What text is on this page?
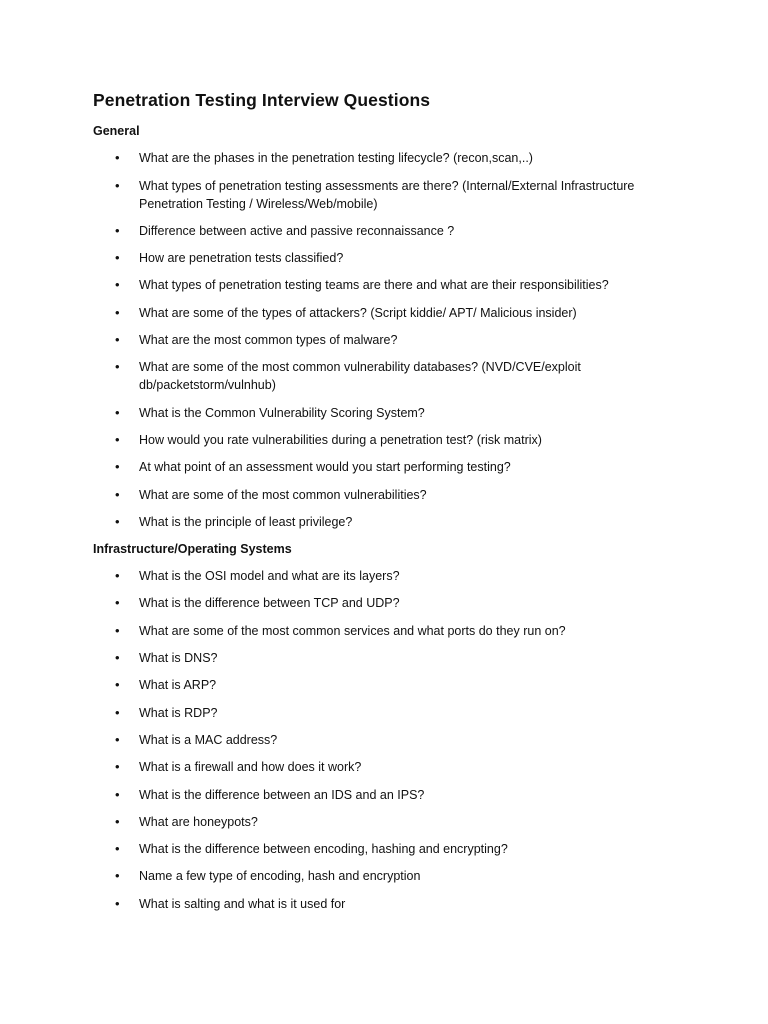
Penetration Testing Interview Questions
General
• What are the phases in the penetration testing lifecycle? (recon,scan,..)
• What types of penetration testing assessments are there? (Internal/External Infrastructure Penetration Testing / Wireless/Web/mobile)
• Difference between active and passive reconnaissance ?
• How are penetration tests classified?
• What types of penetration testing teams are there and what are their responsibilities?
• What are some of the types of attackers? (Script kiddie/ APT/ Malicious insider)
• What are the most common types of malware?
• What are some of the most common vulnerability databases? (NVD/CVE/exploit db/packetstorm/vulnhub)
• What is the Common Vulnerability Scoring System?
• How would you rate vulnerabilities during a penetration test? (risk matrix)
• At what point of an assessment would you start performing testing?
• What are some of the most common vulnerabilities?
• What is the principle of least privilege?
Infrastructure/Operating Systems
• What is the OSI model and what are its layers?
• What is the difference between TCP and UDP?
• What are some of the most common services and what ports do they run on?
• What is DNS?
• What is ARP?
• What is RDP?
• What is a MAC address?
• What is a firewall and how does it work?
• What is the difference between an IDS and an IPS?
• What are honeypots?
• What is the difference between encoding, hashing and encrypting?
• Name a few type of encoding, hash and encryption
• What is salting and what is it used for
